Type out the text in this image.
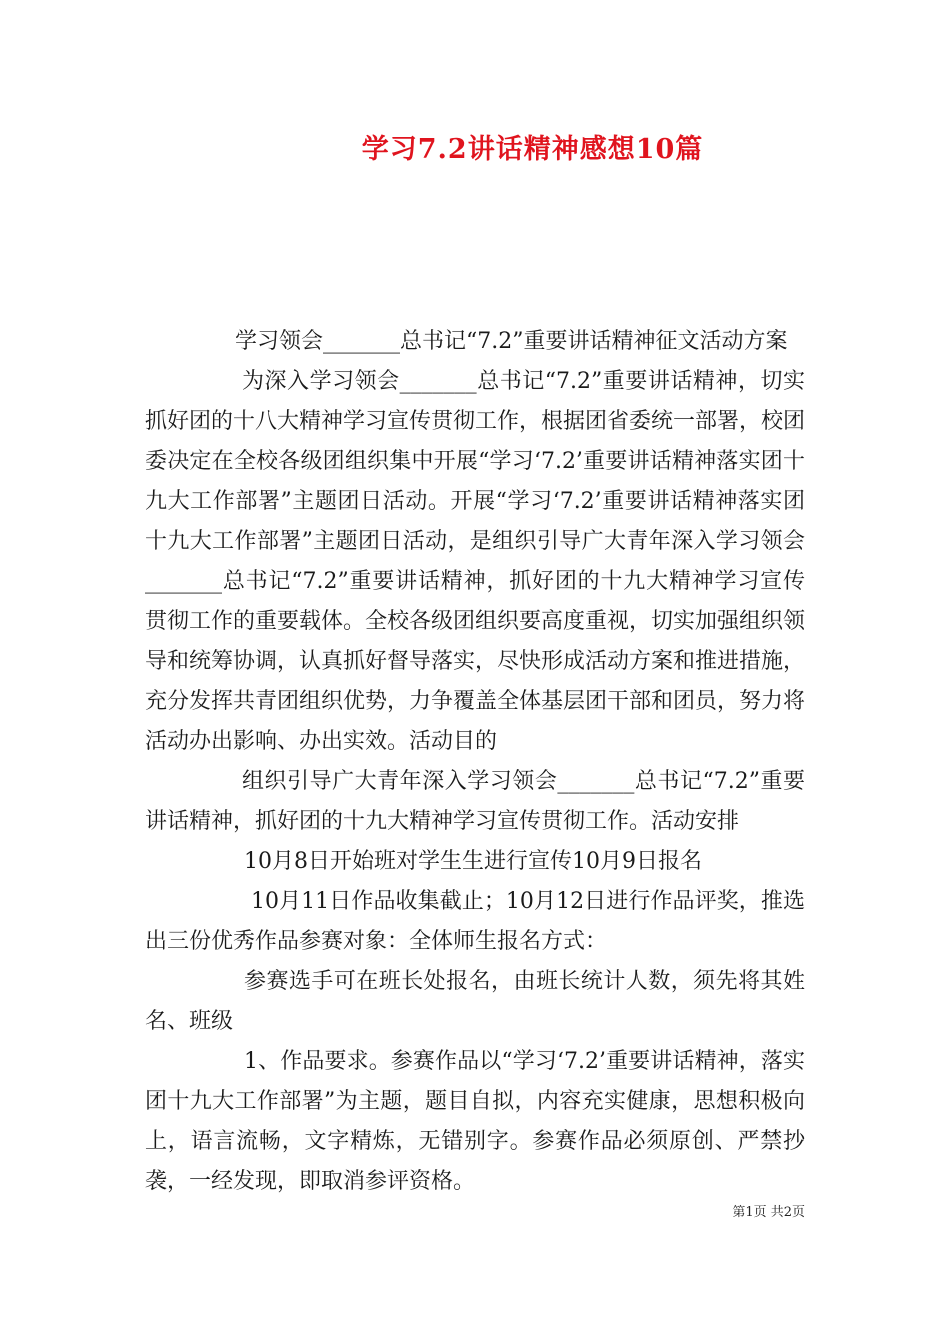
学习7.2讲话精神感想10篇

学习领会_______总书记“7.2”重要讲话精神征文活动方案

为深入学习领会_______总书记“7.2”重要讲话精神，切实抓好团的十八大精神学习宣传贯彻工作，根据团省委统一部署，校团委决定在全校各级团组织集中开展“学习‘7.2’重要讲话精神落实团十九大工作部署”主题团日活动。开展“学习‘7.2’重要讲话精神落实团十九大工作部署”主题团日活动，是组织引导广大青年深入学习领会_______总书记“7.2”重要讲话精神，抓好团的十九大精神学习宣传贯彻工作的重要载体。全校各级团组织要高度重视，切实加强组织领导和统筹协调，认真抓好督导落实，尽快形成活动方案和推进措施，充分发挥共青团组织优势，力争覆盖全体基层团干部和团员，努力将活动办出影响、办出实效。活动目的

组织引导广大青年深入学习领会_______总书记“7.2”重要讲话精神，抓好团的十九大精神学习宣传贯彻工作。活动安排

10月8日开始班对学生生进行宣传10月9日报名

10月11日作品收集截止；10月12日进行作品评奖，推选出三份优秀作品参赛对象：全体师生报名方式：

参赛选手可在班长处报名，由班长统计人数，须先将其姓名、班级

1、作品要求。参赛作品以“学习‘7.2’重要讲话精神，落实团十九大工作部署”为主题，题目自拟，内容充实健康，思想积极向上，语言流畅，文字精炼，无错别字。参赛作品必须原创、严禁抄袭，一经发现，即取消参评资格。

第1页 共2页
